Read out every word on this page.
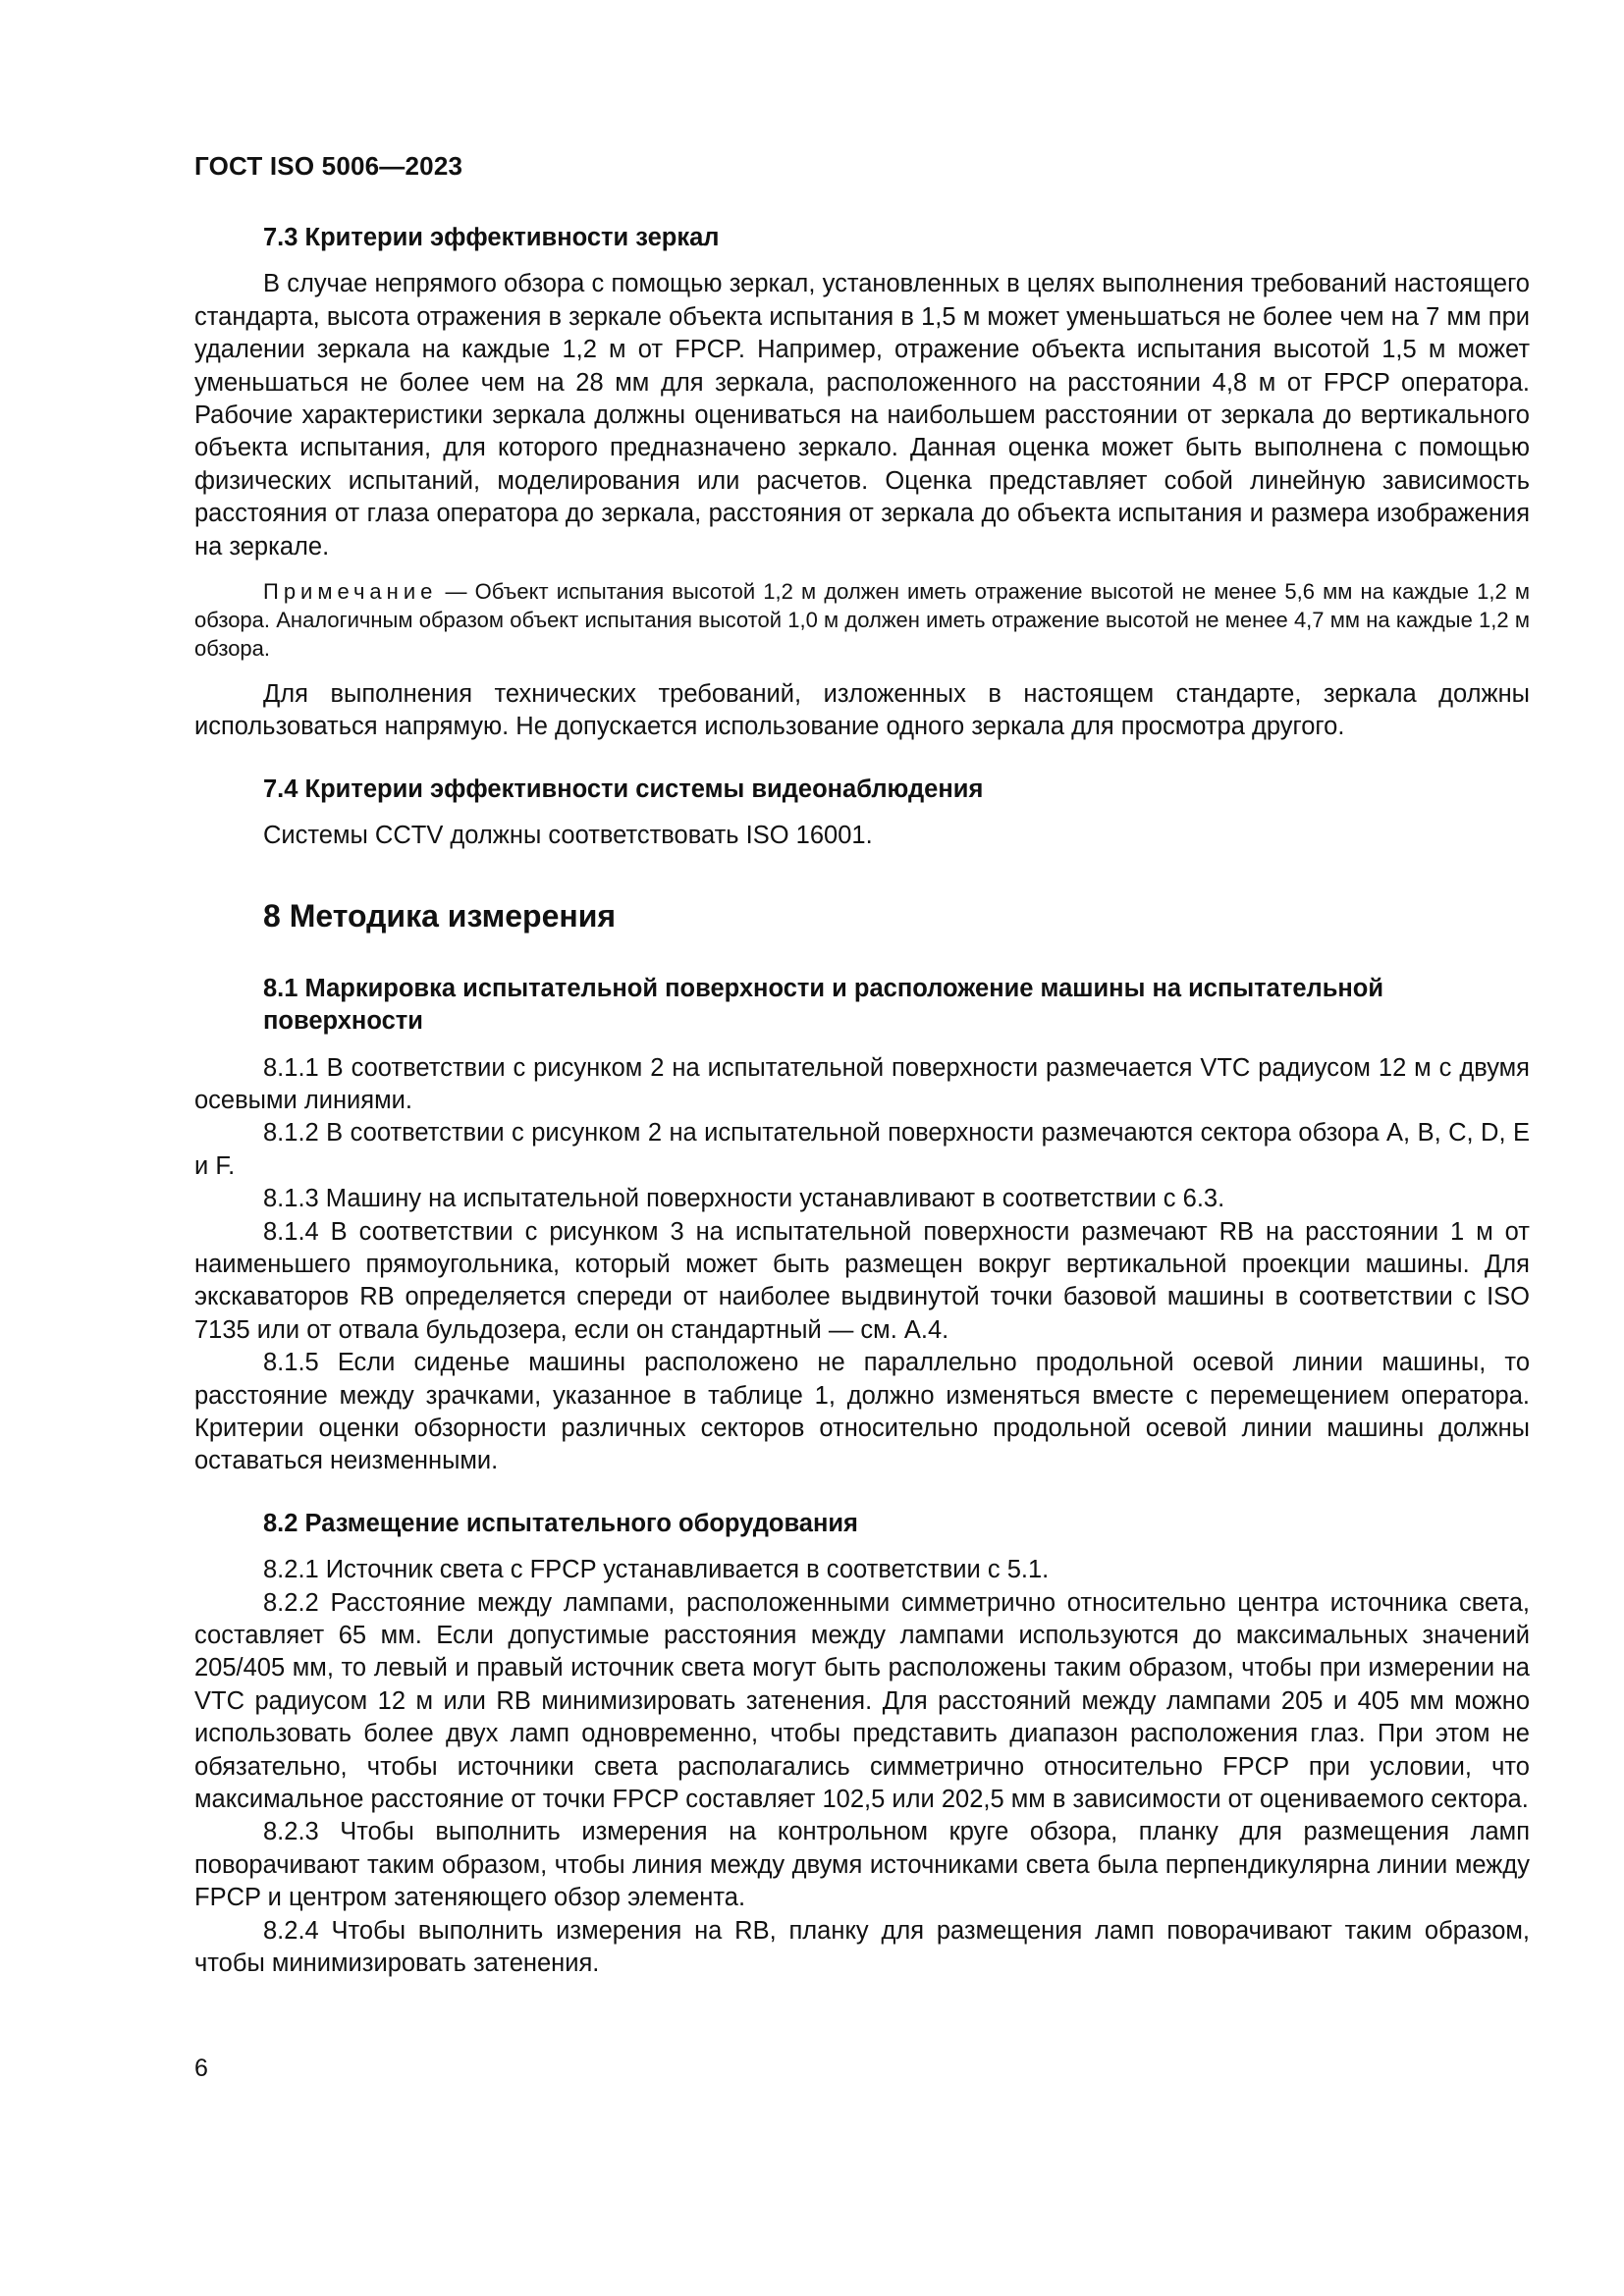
ГОСТ ISO 5006—2023
7.3 Критерии эффективности зеркал

В случае непрямого обзора с помощью зеркал, установленных в целях выполнения требований настоящего стандарта, высота отражения в зеркале объекта испытания в 1,5 м может уменьшаться не более чем на 7 мм при удалении зеркала на каждые 1,2 м от FPCP. Например, отражение объекта испытания высотой 1,5 м может уменьшаться не более чем на 28 мм для зеркала, расположенного на расстоянии 4,8 м от FPCP оператора. Рабочие характеристики зеркала должны оцениваться на наибольшем расстоянии от зеркала до вертикального объекта испытания, для которого предназначено зеркало. Данная оценка может быть выполнена с помощью физических испытаний, моделирования или расчетов. Оценка представляет собой линейную зависимость расстояния от глаза оператора до зеркала, расстояния от зеркала до объекта испытания и размера изображения на зеркале.

Примечание — Объект испытания высотой 1,2 м должен иметь отражение высотой не менее 5,6 мм на каждые 1,2 м обзора. Аналогичным образом объект испытания высотой 1,0 м должен иметь отражение высотой не менее 4,7 мм на каждые 1,2 м обзора.

Для выполнения технических требований, изложенных в настоящем стандарте, зеркала должны использоваться напрямую. Не допускается использование одного зеркала для просмотра другого.

7.4 Критерии эффективности системы видеонаблюдения

Системы CCTV должны соответствовать ISO 16001.

8 Методика измерения
8.1 Маркировка испытательной поверхности и расположение машины на испытательной поверхности

8.1.1 В соответствии с рисунком 2 на испытательной поверхности размечается VTC радиусом 12 м с двумя осевыми линиями.

8.1.2 В соответствии с рисунком 2 на испытательной поверхности размечаются сектора обзора А, В, С, D, Е и F.

8.1.3 Машину на испытательной поверхности устанавливают в соответствии с 6.3.

8.1.4 В соответствии с рисунком 3 на испытательной поверхности размечают RB на расстоянии 1 м от наименьшего прямоугольника, который может быть размещен вокруг вертикальной проекции машины. Для экскаваторов RB определяется спереди от наиболее выдвинутой точки базовой машины в соответствии с ISO 7135 или от отвала бульдозера, если он стандартный — см. А.4.

8.1.5 Если сиденье машины расположено не параллельно продольной осевой линии машины, то расстояние между зрачками, указанное в таблице 1, должно изменяться вместе с перемещением оператора. Критерии оценки обзорности различных секторов относительно продольной осевой линии машины должны оставаться неизменными.

8.2 Размещение испытательного оборудования

8.2.1 Источник света с FPCP устанавливается в соответствии с 5.1.

8.2.2 Расстояние между лампами, расположенными симметрично относительно центра источника света, составляет 65 мм. Если допустимые расстояния между лампами используются до максимальных значений 205/405 мм, то левый и правый источник света могут быть расположены таким образом, чтобы при измерении на VTC радиусом 12 м или RB минимизировать затенения. Для расстояний между лампами 205 и 405 мм можно использовать более двух ламп одновременно, чтобы представить диапазон расположения глаз. При этом не обязательно, чтобы источники света располагались симметрично относительно FPCP при условии, что максимальное расстояние от точки FPCP составляет 102,5 или 202,5 мм в зависимости от оцениваемого сектора.

8.2.3 Чтобы выполнить измерения на контрольном круге обзора, планку для размещения ламп поворачивают таким образом, чтобы линия между двумя источниками света была перпендикулярна линии между FPCP и центром затеняющего обзор элемента.

8.2.4 Чтобы выполнить измерения на RB, планку для размещения ламп поворачивают таким образом, чтобы минимизировать затенения.

6
